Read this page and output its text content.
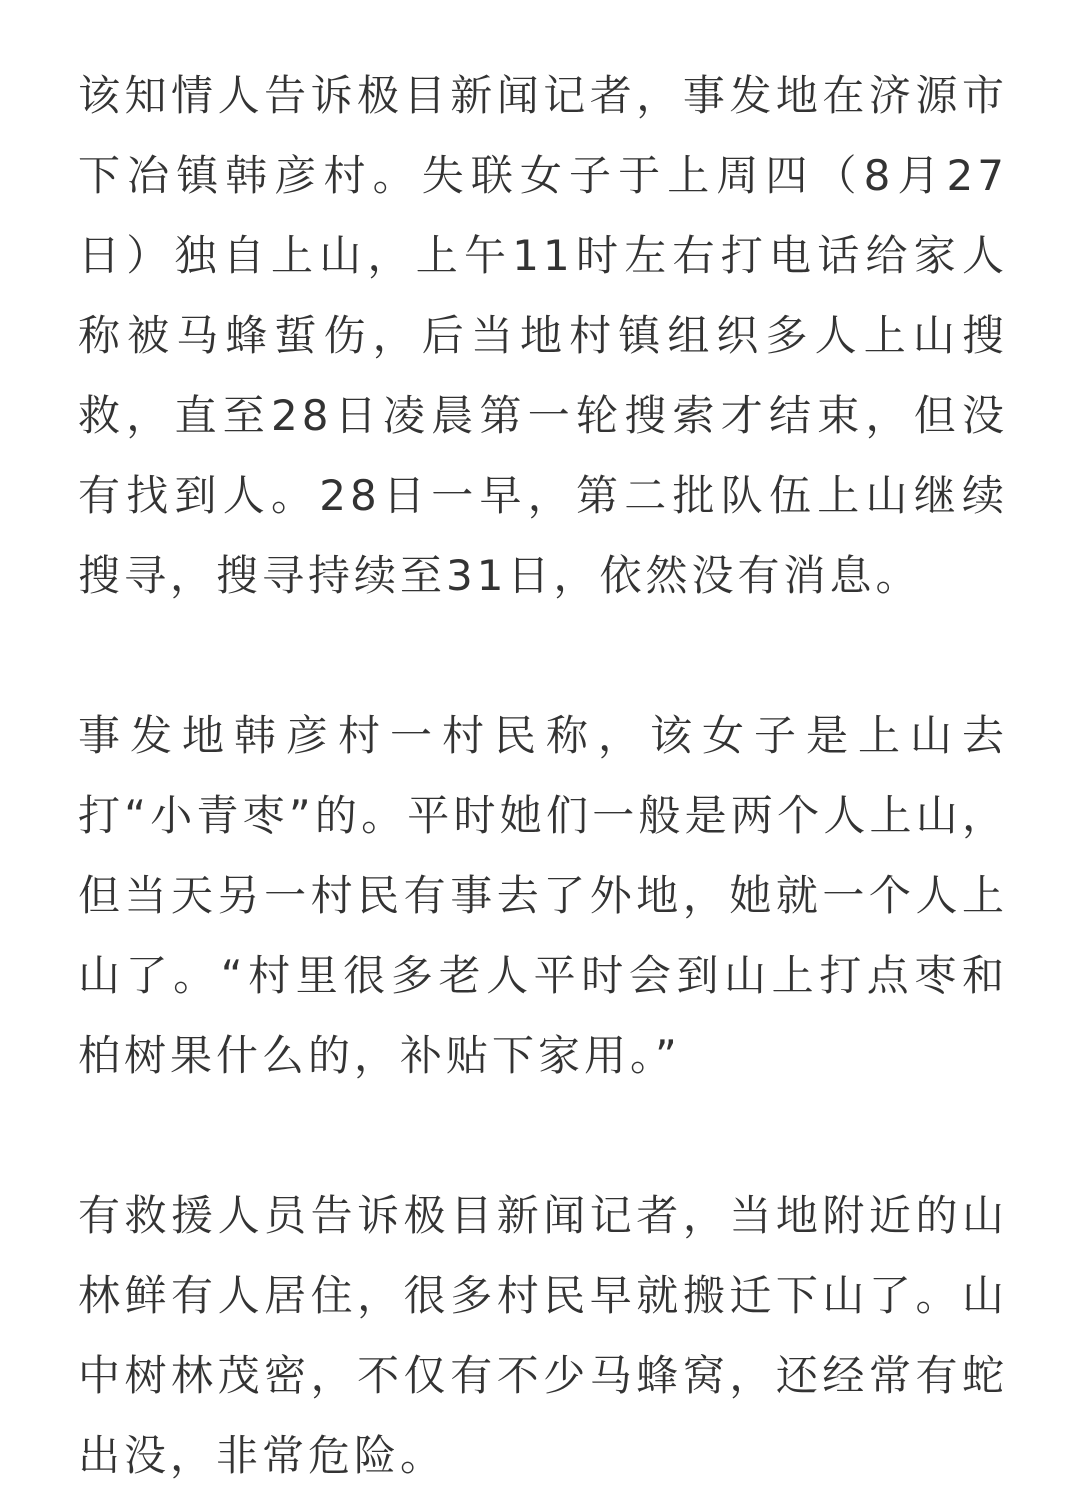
该知情人告诉极目新闻记者，事发地在济源市下冶镇韩彦村。失联女子于上周四（8月27日）独自上山，上午11时左右打电话给家人称被马蜂蜇伤，后当地村镇组织多人上山搜救，直至28日凌晨第一轮搜索才结束，但没有找到人。28日一早，第二批队伍上山继续搜寻，搜寻持续至31日，依然没有消息。

事发地韩彦村一村民称，该女子是上山去打“小青枣”的。平时她们一般是两个人上山，但当天另一村民有事去了外地，她就一个人上山了。“村里很多老人平时会到山上打点枣和柏树果什么的，补贴下家用。”

有救援人员告诉极目新闻记者，当地附近的山林鲜有人居住，很多村民早就搬迁下山了。山中树林茂密，不仅有不少马蜂窝，还经常有蛇出没，非常危险。
